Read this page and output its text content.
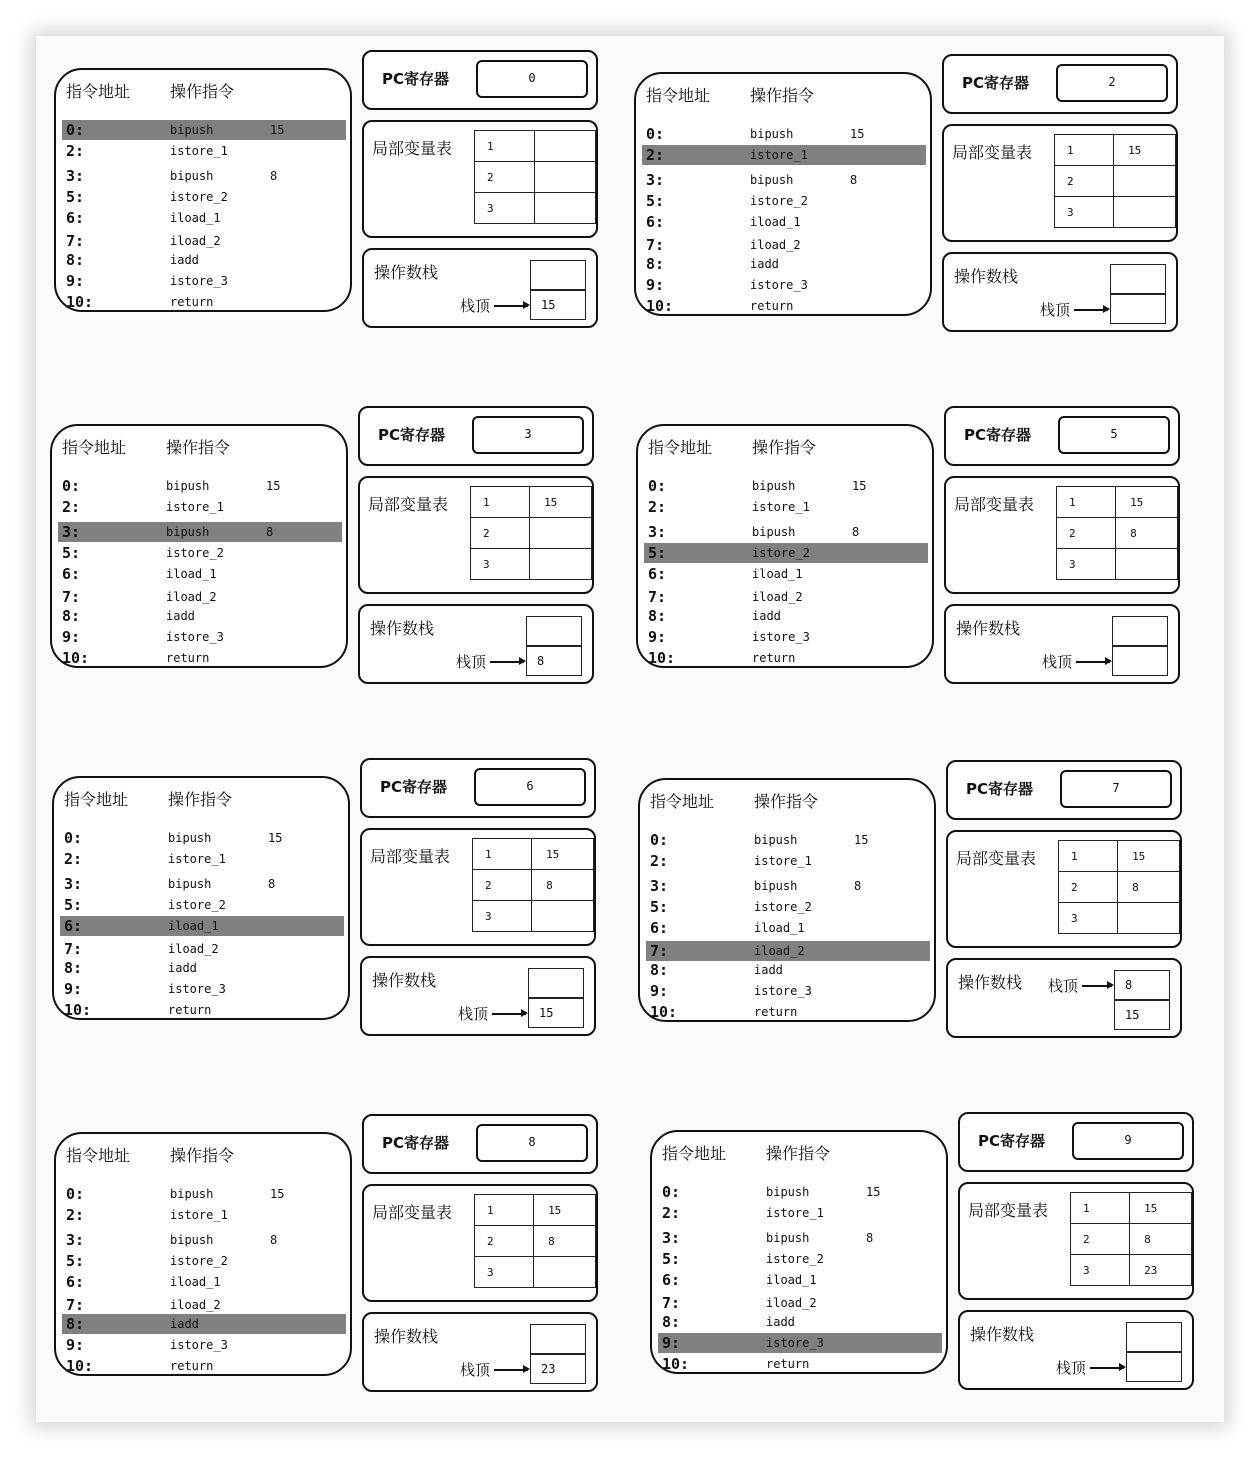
指令地址 操作指令
0:	bipush	15
2:	istore_1
3:	bipush	8
5:	istore_2
6:	iload_1
7:	iload_2
8:	iadd
9:	istore_3
10:	return
PC寄存器	0
局部变量表	1	
2	
3	
操作数栈
栈顶	15
指令地址 操作指令
0:	bipush	15
2:	istore_1
3:	bipush	8
5:	istore_2
6:	iload_1
7:	iload_2
8:	iadd
9:	istore_3
10:	return
PC寄存器	2
局部变量表	1	15
2	
3	
操作数栈
栈顶
指令地址 操作指令
0:	bipush	15
2:	istore_1
3:	bipush	8
5:	istore_2
6:	iload_1
7:	iload_2
8:	iadd
9:	istore_3
10:	return
PC寄存器	3
局部变量表	1	15
2	
3	
操作数栈
栈顶	8
指令地址 操作指令
0:	bipush	15
2:	istore_1
3:	bipush	8
5:	istore_2
6:	iload_1
7:	iload_2
8:	iadd
9:	istore_3
10:	return
PC寄存器	5
局部变量表	1	15
2	8
3	
操作数栈
栈顶
指令地址 操作指令
0:	bipush	15
2:	istore_1
3:	bipush	8
5:	istore_2
6:	iload_1
7:	iload_2
8:	iadd
9:	istore_3
10:	return
PC寄存器	6
局部变量表	1	15
2	8
3	
操作数栈
栈顶	15
指令地址 操作指令
0:	bipush	15
2:	istore_1
3:	bipush	8
5:	istore_2
6:	iload_1
7:	iload_2
8:	iadd
9:	istore_3
10:	return
PC寄存器	7
局部变量表	1	15
2	8
3	
操作数栈 栈顶	8
15
指令地址 操作指令
0:	bipush	15
2:	istore_1
3:	bipush	8
5:	istore_2
6:	iload_1
7:	iload_2
8:	iadd
9:	istore_3
10:	return
PC寄存器	8
局部变量表	1	15
2	8
3	
操作数栈
栈顶	23
指令地址 操作指令
0:	bipush	15
2:	istore_1
3:	bipush	8
5:	istore_2
6:	iload_1
7:	iload_2
8:	iadd
9:	istore_3
10:	return
PC寄存器	9
局部变量表	1	15
2	8
3	23
操作数栈
栈顶
